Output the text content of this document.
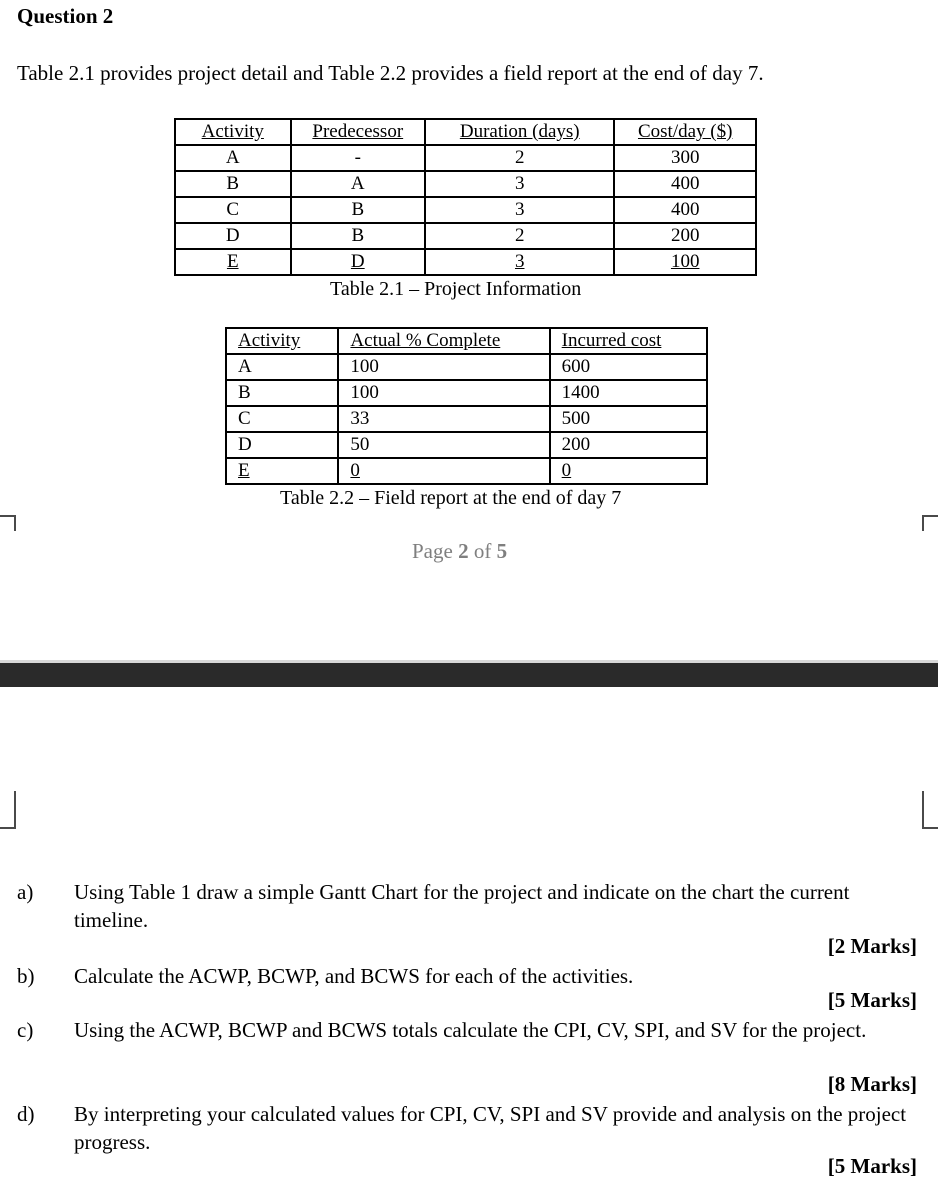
Question 2
Table 2.1 provides project detail and Table 2.2 provides a field report at the end of day 7.
Activity	Predecessor	Duration (days)	Cost/day ($)
A	-	2	300
B	A	3	400
C	B	3	400
D	B	2	200
E	D	3	100
Table 2.1 – Project Information
Activity	Actual % Complete	Incurred cost
A	100	600
B	100	1400
C	33	500
D	50	200
E	0	0
Table 2.2 – Field report at the end of day 7
Page 2 of 5
a) Using Table 1 draw a simple Gantt Chart for the project and indicate on the chart the current timeline.
[2 Marks]
b) Calculate the ACWP, BCWP, and BCWS for each of the activities.
[5 Marks]
c) Using the ACWP, BCWP and BCWS totals calculate the CPI, CV, SPI, and SV for the project.
[8 Marks]
d) By interpreting your calculated values for CPI, CV, SPI and SV provide and analysis on the project progress.
[5 Marks]
